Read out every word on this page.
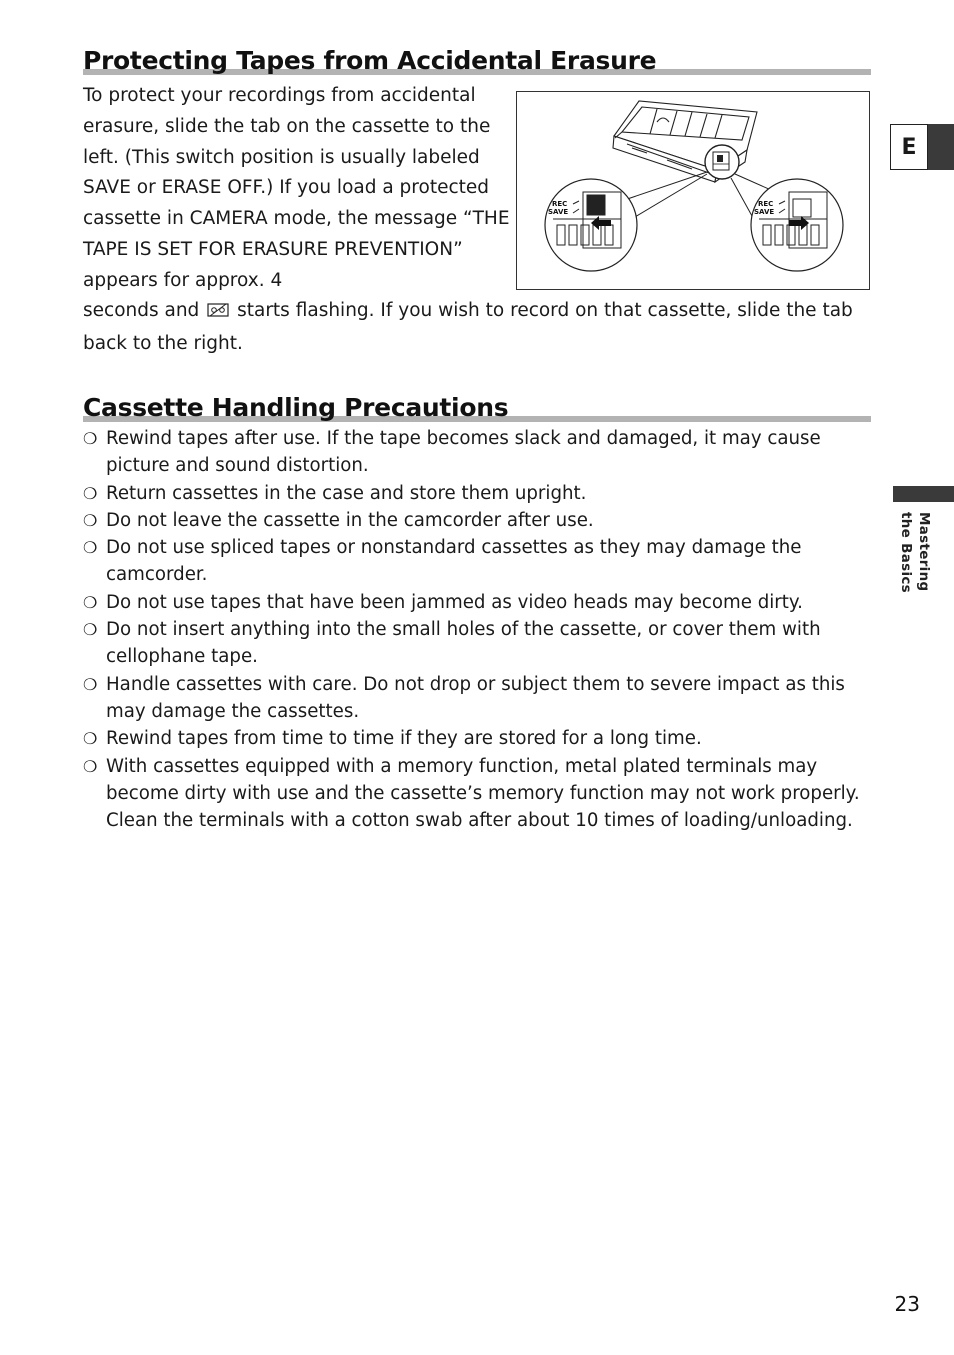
Protecting Tapes from Accidental Erasure

To protect your recordings from accidental erasure, slide the tab on the cassette to the left. (This switch position is usually labeled SAVE or ERASE OFF.) If you load a protected cassette in CAMERA mode, the message “THE TAPE IS SET FOR ERASURE PREVENTION” appears for approx. 4

seconds and starts flashing. If you wish to record on that cassette, slide the tab back to the right.

REC
SAVE
REC
SAVE
E
Mastering
the Basics
Cassette Handling Precautions
❍ Rewind tapes after use. If the tape becomes slack and damaged, it may cause picture and sound distortion.
❍ Return cassettes in the case and store them upright.
❍ Do not leave the cassette in the camcorder after use.
❍ Do not use spliced tapes or nonstandard cassettes as they may damage the camcorder.
❍ Do not use tapes that have been jammed as video heads may become dirty.
❍ Do not insert anything into the small holes of the cassette, or cover them with cellophane tape.
❍ Handle cassettes with care. Do not drop or subject them to severe impact as this may damage the cassettes.
❍ Rewind tapes from time to time if they are stored for a long time.
❍ With cassettes equipped with a memory function, metal plated terminals may become dirty with use and the cassette’s memory function may not work properly. Clean the terminals with a cotton swab after about 10 times of loading/unloading.
23
